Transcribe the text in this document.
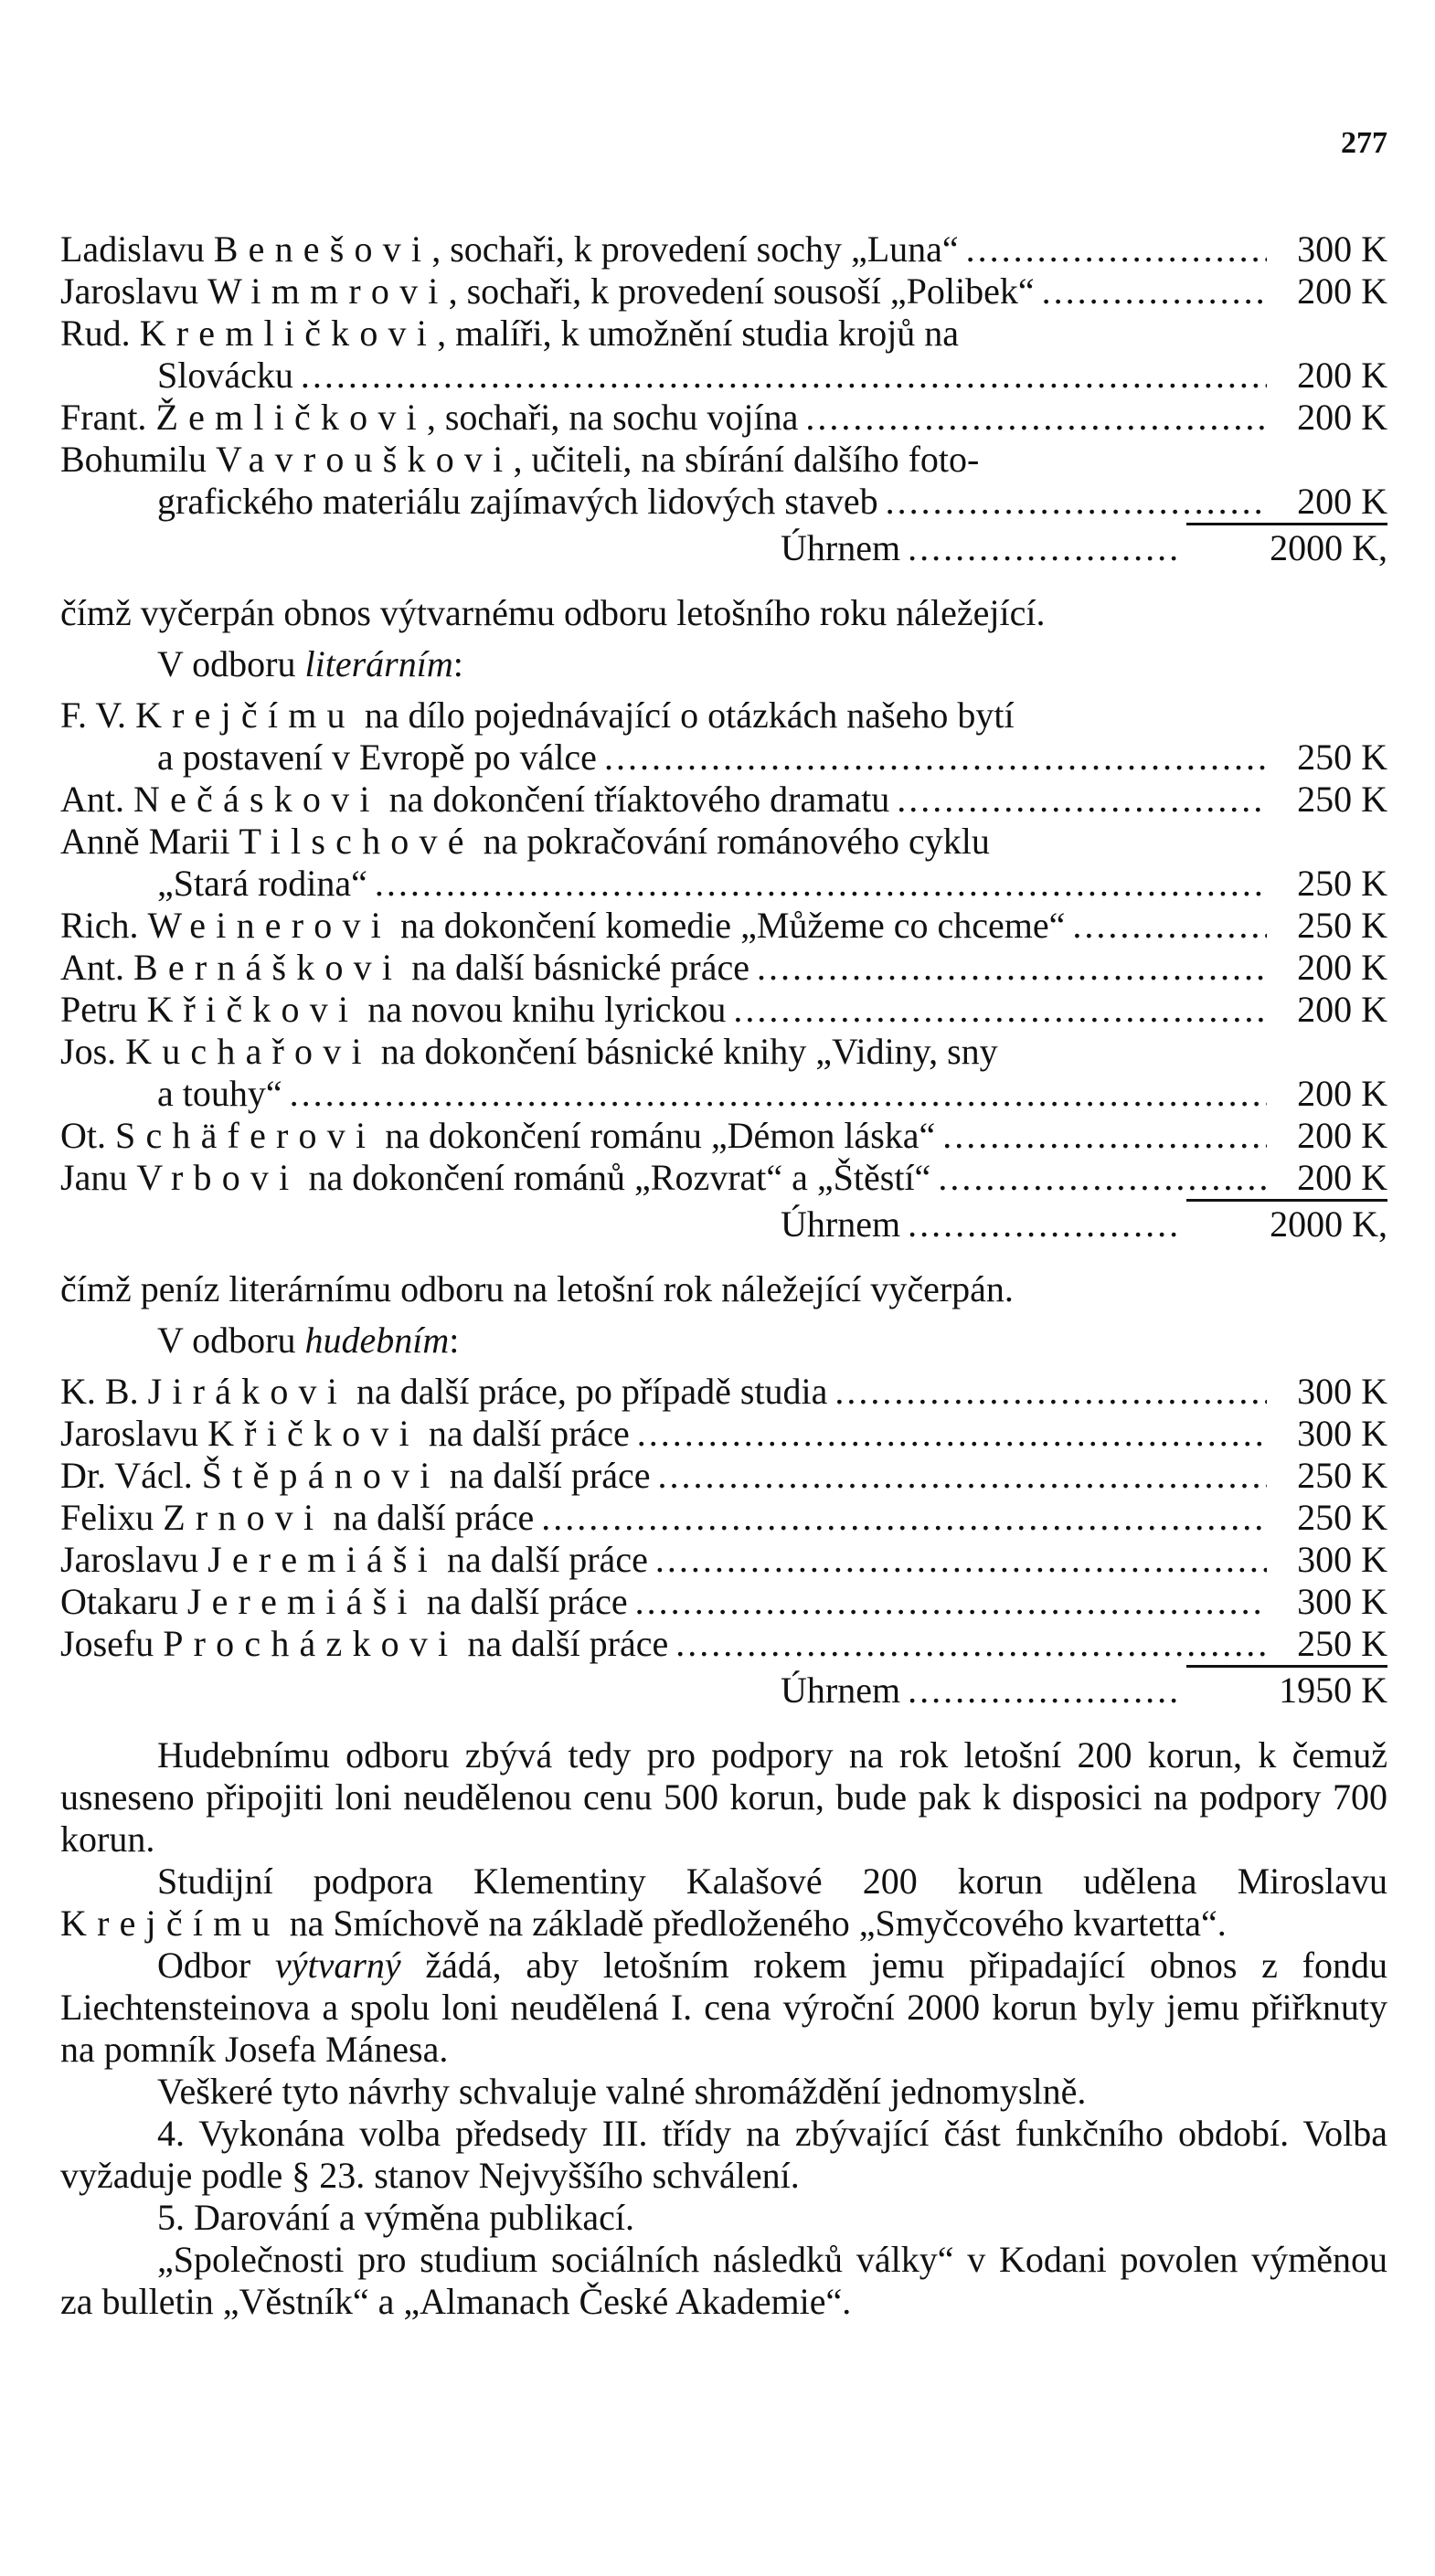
277
Ladislavu Benešovi, sochaři, k provedení sochy „Luna“ .....	300 K
Jaroslavu Wimmrovi, sochaři, k provedení sousoší „Polibek“ .....	200 K
Rud. Kremličkovi, malíři, k umožnění studia krojů na
Slovácku .....	200 K
Frant. Žemličkovi, sochaři, na sochu vojína .....	200 K
Bohumilu Vavrouškovi, učiteli, na sbírání dalšího foto-
grafického materiálu zajímavých lidových staveb .....	200 K
Úhrnem .....	2000 K,
čímž vyčerpán obnos výtvarnému odboru letošního roku náležející.
V odboru literárním:
F. V. Krejčímu na dílo pojednávající o otázkách našeho bytí
a postavení v Evropě po válce .....	250 K
Ant. Nečáskovi na dokončení tříaktového dramatu .....	250 K
Anně Marii Tilschové na pokračování románového cyklu
„Stará rodina“ .....	250 K
Rich. Weinerovi na dokončení komedie „Můžeme co chceme“ .....	250 K
Ant. Bernáškovi na další básnické práce .....	200 K
Petru Křičkovi na novou knihu lyrickou .....	200 K
Jos. Kuchařovi na dokončení básnické knihy „Vidiny, sny
a touhy“ .....	200 K
Ot. Schäferovi na dokončení románu „Démon láska“ .....	200 K
Janu Vrbovi na dokončení románů „Rozvrat“ a „Štěstí“ .....	200 K
Úhrnem .....	2000 K,
čímž peníz literárnímu odboru na letošní rok náležející vyčerpán.
V odboru hudebním:
K. B. Jirákovi na další práce, po případě studia .....	300 K
Jaroslavu Křičkovi na další práce .....	300 K
Dr. Václ. Štěpánovi na další práce .....	250 K
Felixu Zrnovi na další práce .....	250 K
Jaroslavu Jeremiáši na další práce .....	300 K
Otakaru Jeremiáši na další práce .....	300 K
Josefu Procházkovi na další práce .....	250 K
Úhrnem .....	1950 K

Hudebnímu odboru zbývá tedy pro podpory na rok letošní 200 korun, k čemuž usneseno připojiti loni neudělenou cenu 500 korun, bude pak k disposici na podpory 700 korun.

Studijní podpora Klementiny Kalašové 200 korun udělena Miroslavu Krejčímu na Smíchově na základě předloženého „Smyčcového kvartetta“.

Odbor výtvarný žádá, aby letošním rokem jemu připadající obnos z fondu Liechtensteinova a spolu loni neudělená I. cena výroční 2000 korun byly jemu přiřknuty na pomník Josefa Mánesa.

Veškeré tyto návrhy schvaluje valné shromáždění jednomyslně.

4. Vykonána volba předsedy III. třídy na zbývající část funkčního období. Volba vyžaduje podle § 23. stanov Nejvyššího schválení.

5. Darování a výměna publikací.

„Společnosti pro studium sociálních následků války“ v Kodani povolen výměnou za bulletin „Věstník“ a „Almanach České Akademie“.
